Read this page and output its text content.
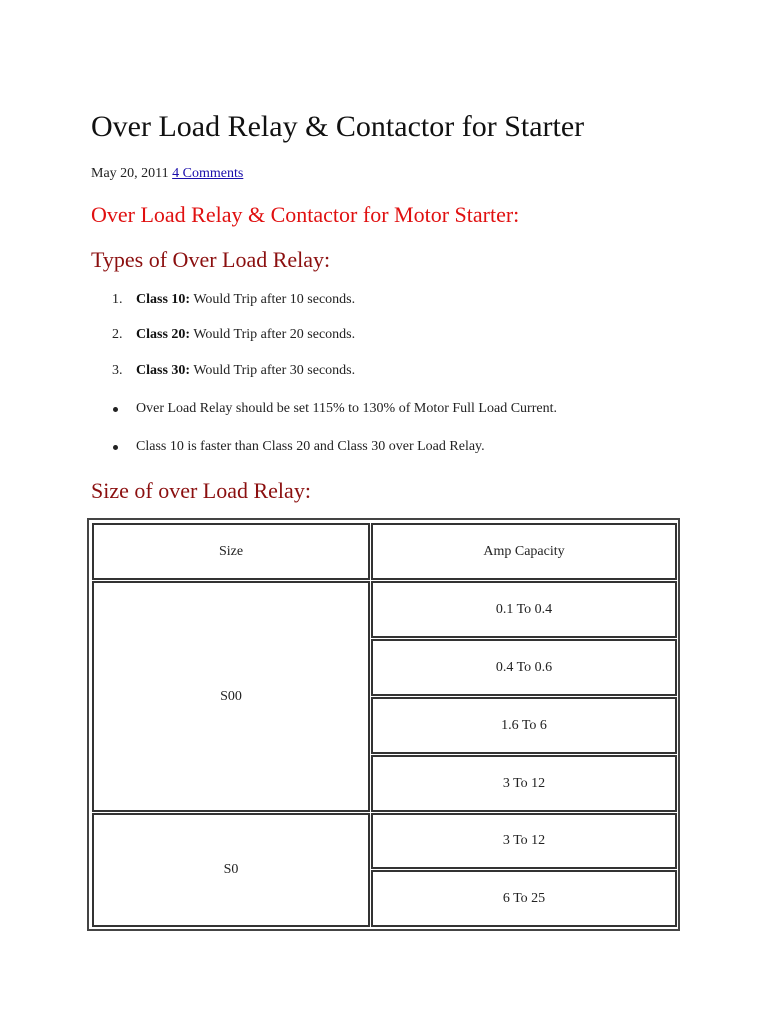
Over Load Relay & Contactor for Starter
May 20, 2011 4 Comments
Over Load Relay & Contactor for Motor Starter:
Types of Over Load Relay:
1. Class 10: Would Trip after 10 seconds.
2. Class 20: Would Trip after 20 seconds.
3. Class 30: Would Trip after 30 seconds.
Over Load Relay should be set 115% to 130% of Motor Full Load Current.
Class 10 is faster than Class 20 and Class 30 over Load Relay.
Size of over Load Relay:
Size	Amp Capacity
S00
0.1 To 0.4
0.4 To 0.6
1.6 To 6
3 To 12
S0
3 To 12
6 To 25
